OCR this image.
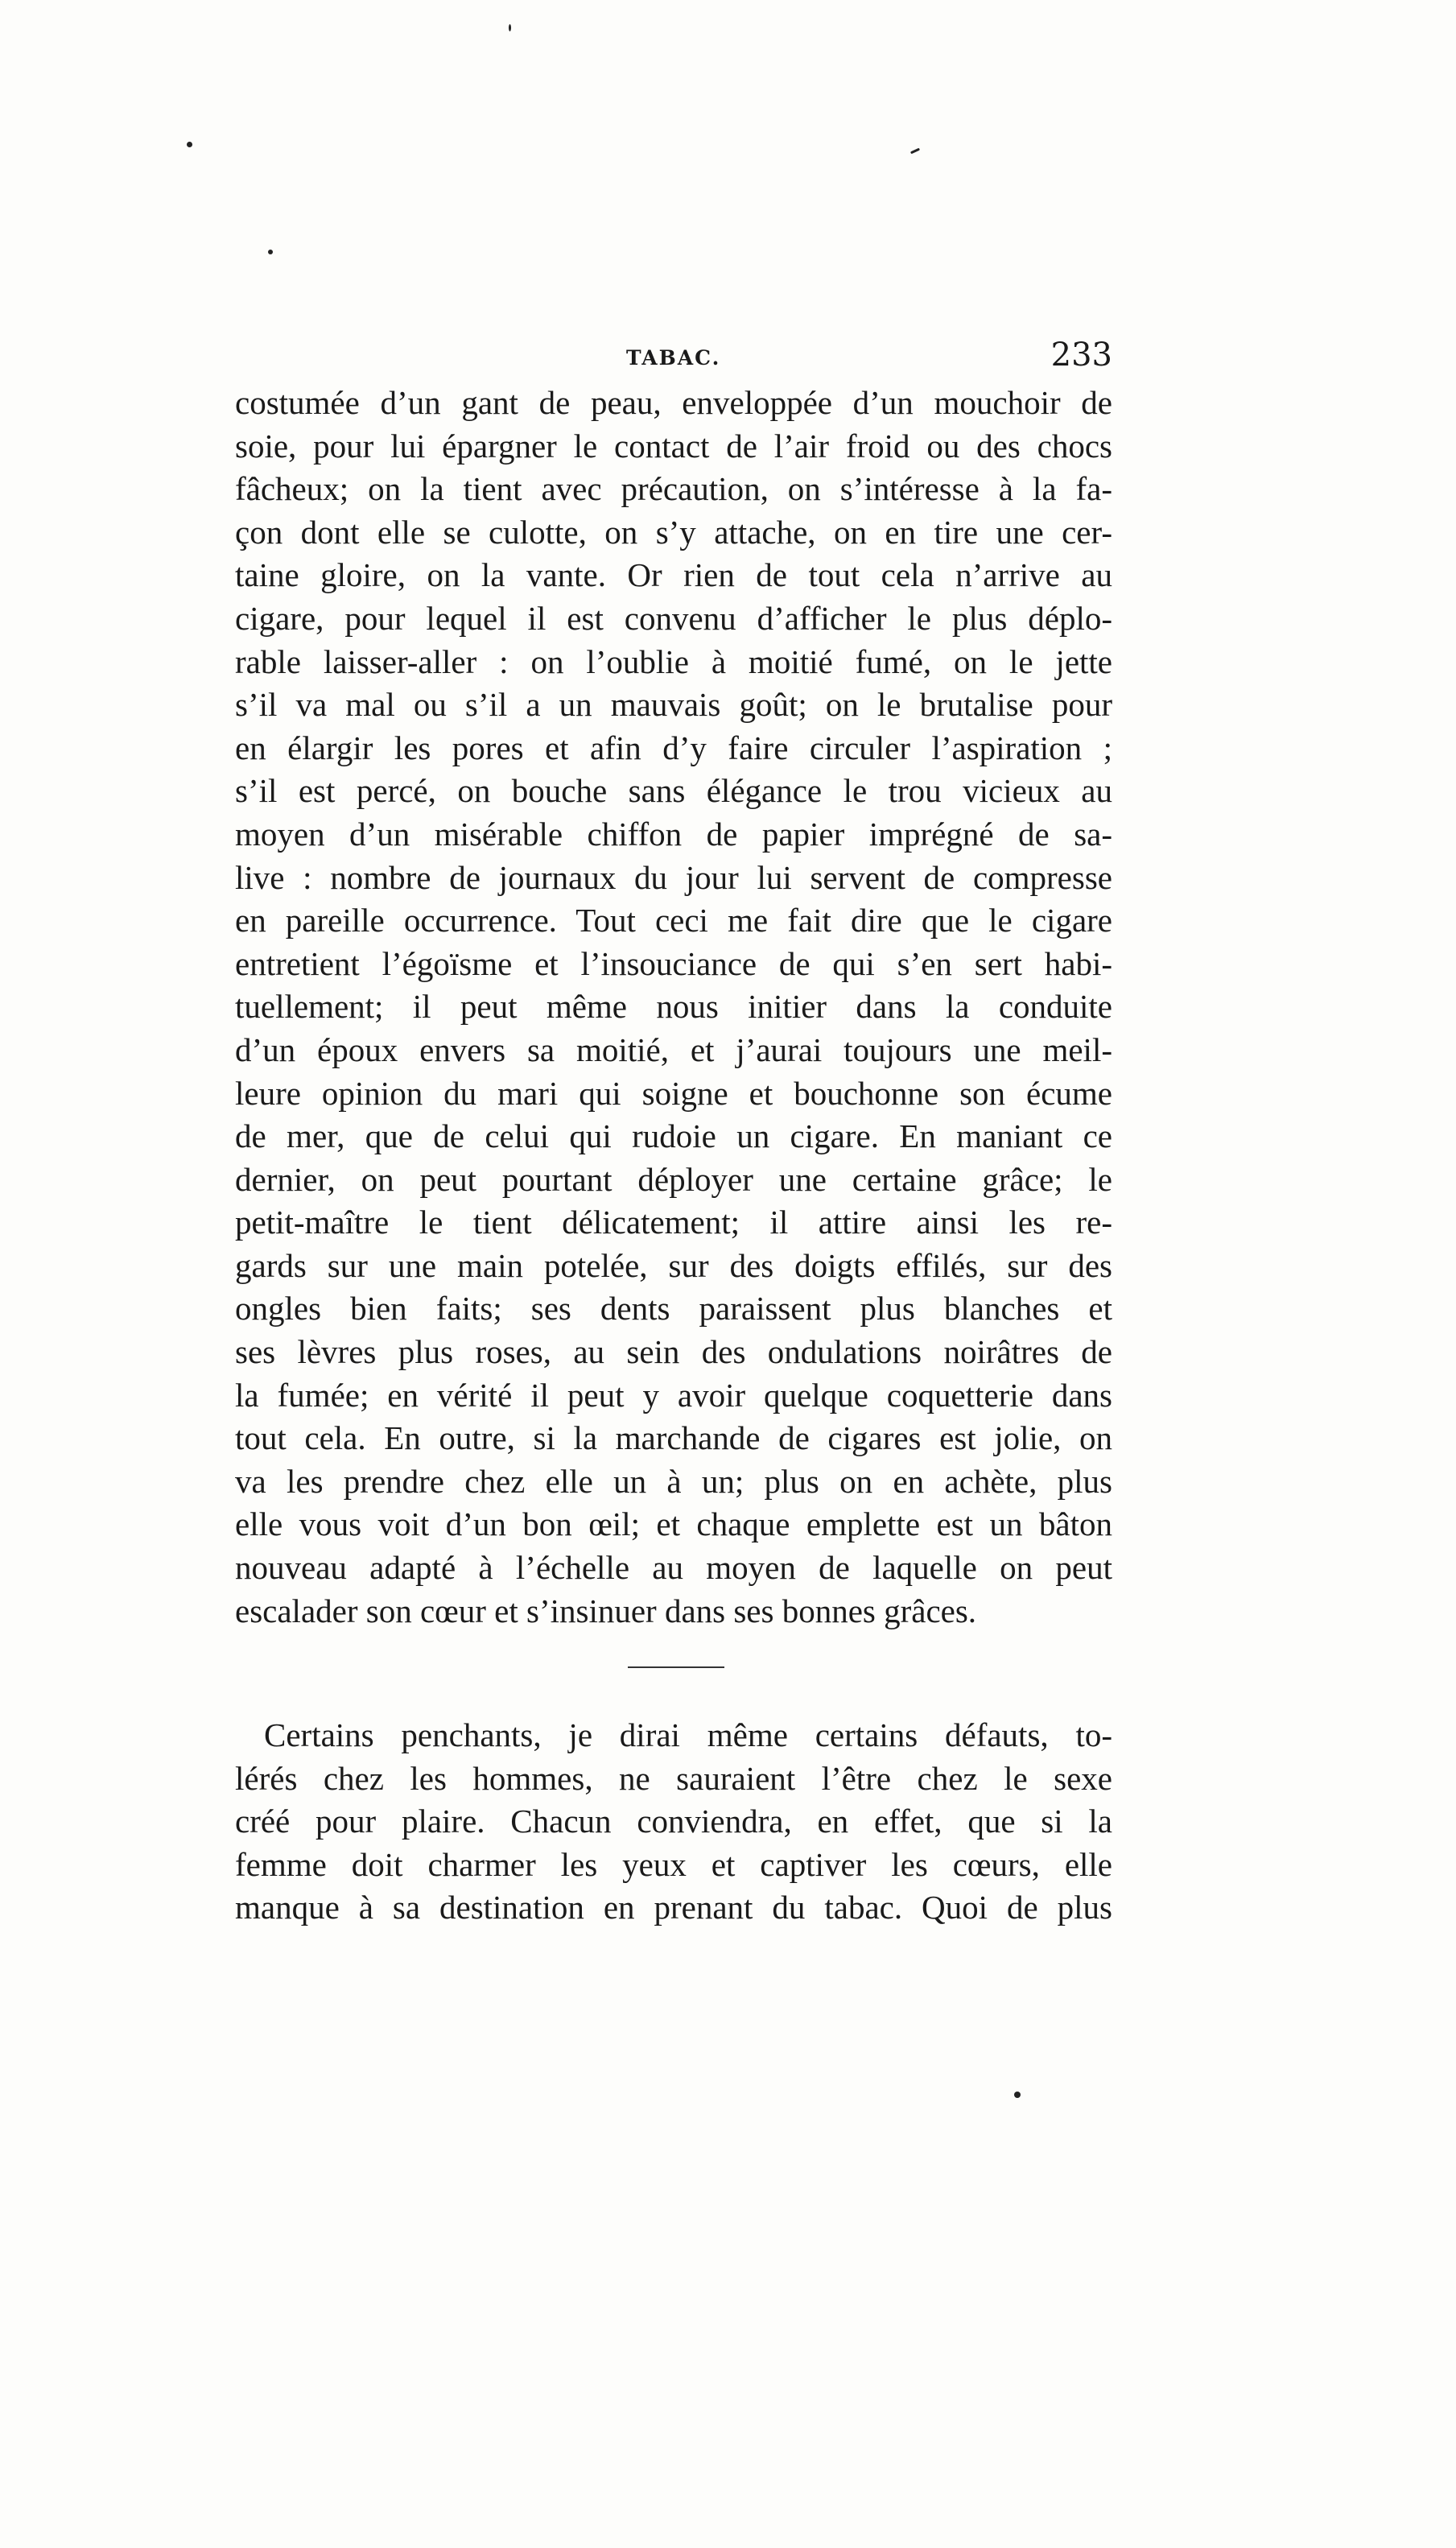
TABAC.	233
costumée d’un gant de peau, enveloppée d’un mouchoir de
soie, pour lui épargner le contact de l’air froid ou des chocs
fâcheux; on la tient avec précaution, on s’intéresse à la fa-
çon dont elle se culotte, on s’y attache, on en tire une cer-
taine gloire, on la vante. Or rien de tout cela n’arrive au
cigare, pour lequel il est convenu d’afficher le plus déplo-
rable laisser-aller : on l’oublie à moitié fumé, on le jette
s’il va mal ou s’il a un mauvais goût; on le brutalise pour
en élargir les pores et afin d’y faire circuler l’aspiration ;
s’il est percé, on bouche sans élégance le trou vicieux au
moyen d’un misérable chiffon de papier imprégné de sa-
live : nombre de journaux du jour lui servent de compresse
en pareille occurrence. Tout ceci me fait dire que le cigare
entretient l’égoïsme et l’insouciance de qui s’en sert habi-
tuellement; il peut même nous initier dans la conduite
d’un époux envers sa moitié, et j’aurai toujours une meil-
leure opinion du mari qui soigne et bouchonne son écume
de mer, que de celui qui rudoie un cigare. En maniant ce
dernier, on peut pourtant déployer une certaine grâce; le
petit-maître le tient délicatement; il attire ainsi les re-
gards sur une main potelée, sur des doigts effilés, sur des
ongles bien faits; ses dents paraissent plus blanches et
ses lèvres plus roses, au sein des ondulations noirâtres de
la fumée; en vérité il peut y avoir quelque coquetterie dans
tout cela. En outre, si la marchande de cigares est jolie, on
va les prendre chez elle un à un; plus on en achète, plus
elle vous voit d’un bon œil; et chaque emplette est un bâton
nouveau adapté à l’échelle au moyen de laquelle on peut
escalader son cœur et s’insinuer dans ses bonnes grâces.
Certains penchants, je dirai même certains défauts, to-
lérés chez les hommes, ne sauraient l’être chez le sexe
créé pour plaire. Chacun conviendra, en effet, que si la
femme doit charmer les yeux et captiver les cœurs, elle
manque à sa destination en prenant du tabac. Quoi de plus
